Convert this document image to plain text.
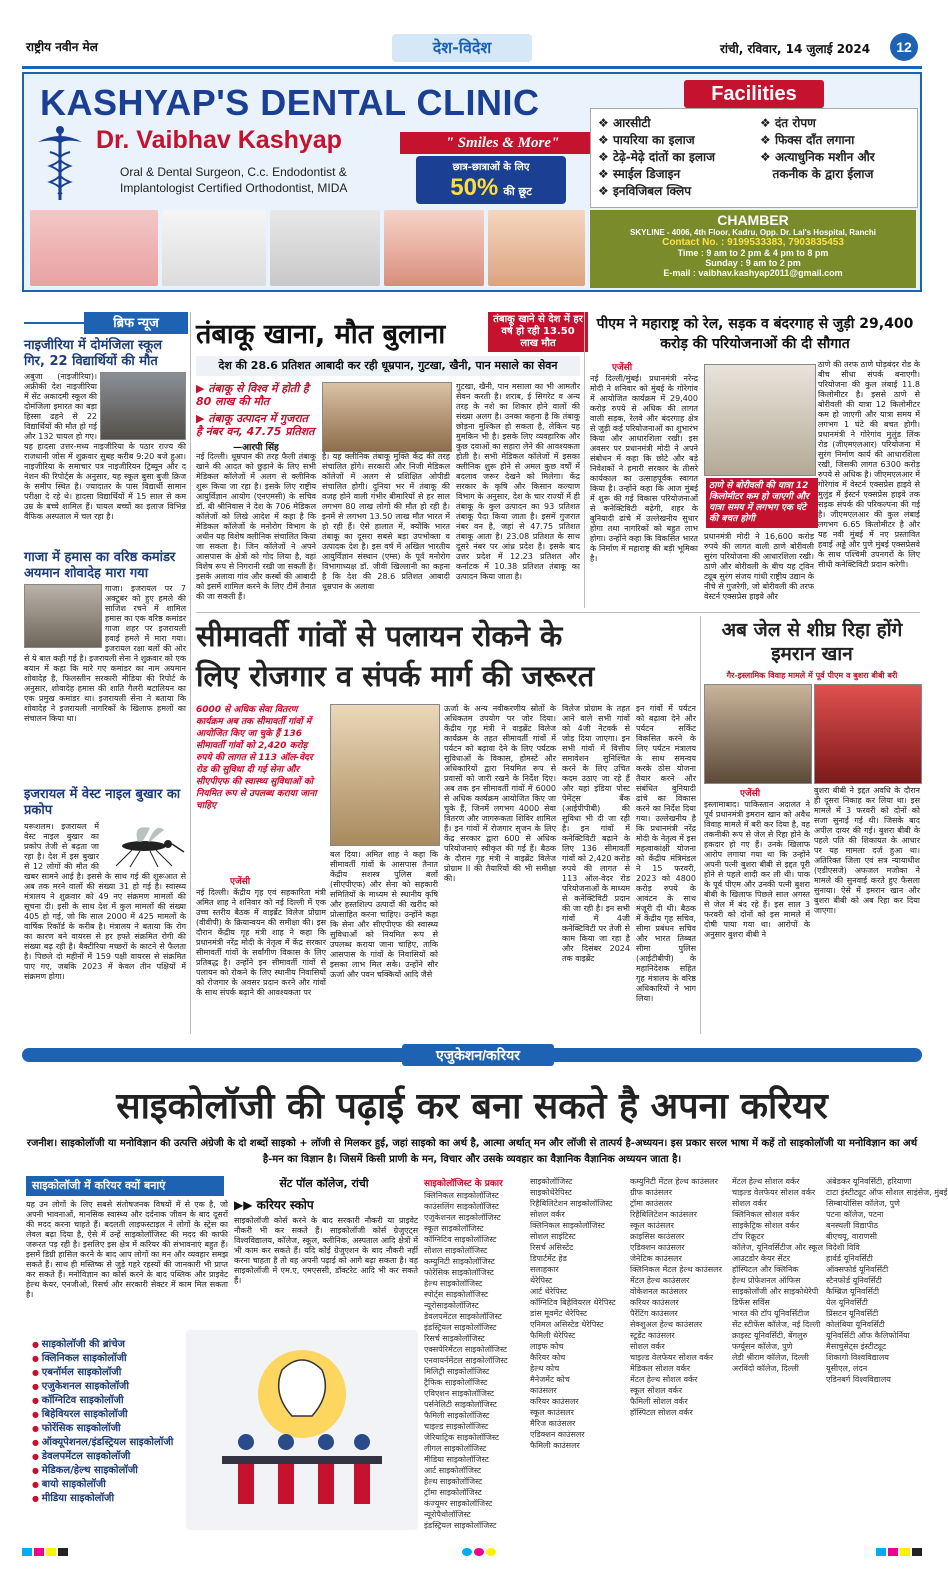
राष्ट्रीय नवीन मेल	देश-विदेश	रांची, रविवार, 14 जुलाई 2024	12
KASHYAP'S DENTAL CLINIC
Dr. Vaibhav Kashyap
Oral & Dental Surgeon, C.c. Endodontist &
Implantologist Certified Orthodontist, MIDA
" Smiles & More"
छात्र-छात्राओं के लिए
50% की छूट
Facilities
❖ आरसीटी
❖ पायरिया का इलाज
❖ टेढ़े-मेढ़े दांतों का इलाज
❖ स्माईल डिजाइन
❖ इनविजिबल क्लिप
❖ दंत रोपण
❖ फिक्स दाँत लगाना
❖ अत्याधुनिक मशीन और
तकनीक के द्वारा ईलाज
CHAMBER
SKYLINE - 4006, 4th Floor, Kadru, Opp. Dr. Lal's Hospital, Ranchi
Contact No. : 9199533383, 7903835453
Time : 9 am to 2 pm & 4 pm to 8 pm
Sunday : 9 am to 2 pm
E-mail : vaibhav.kashyap2011@gmail.com
ब्रिफ न्यूज
नाइजीरिया में दोमंजिला स्कूल गिर, 22 विद्यार्थियों की मौत
अबुजा (नाइजीरिया)। अफ्रीकी देश नाइजीरिया में सेंट अकादमी स्कूल की दोमंजिला इमारत का बड़ा हिस्सा ढहने से 22 विद्यार्थियों की मौत हो गई और 132 घायल हो गए। यह हादसा उत्तर-मध्य नाइजीरिया के पठार राज्य की राजधानी जोस में शुक्रवार सुबह करीब 9:20 बजे हुआ। नाइजीरिया के समाचार पत्र नाइजीरियन ट्रिब्यून और द नेशन की रिपोर्ट्स के अनुसार, यह स्कूल बुसा बुजी क्रिज के समीप स्थित है। ज्यादातर के पास विद्यार्थी सामान परीक्षा दे रहे थे। हादसा विद्यार्थियों में 15 साल से कम उम्र के बच्चे शामिल हैं। घायल बच्चों का इलाज विभिन्न वैफिक अस्पताल में चल रहा है।
गाजा में हमास का वरिष्ठ कमांडर अयमान शोवादेह मारा गया
गाजा। इजरायल पर 7 अक्टूबर को हुए हमले की साजिश रचने में शामिल हमास का एक वरिष्ठ कमांडर गाजा शहर पर इजरायली हवाई हमले में मारा गया। इजरायल रक्षा बलों की ओर से ये बात कही गई है। इजरायली सेना ने शुक्रवार को एक बयान में कहा कि मारे गए कमांडर का नाम अयमान शोवादेह है, फिलस्तीन सरकारी मीडिया की रिपोर्ट के अनुसार, शोवादेह हमास की शाति गैलरी बटालियन का एक प्रमुख कमांडर था। इजरायली सेना ने बताया कि शोवादेह ने इजरायली नागरिकों के खिलाफ हमलों का संचालन किया था।
इजरायल में वेस्ट नाइल बुखार का प्रकोप
यरूशलम। इजरायल में वेस्ट नाइल बुखार का प्रकोप तेजी से बढ़ता जा रहा है। देश में इस बुखार से 12 लोगों की मौत की खबर सामने आई है। इससे के साथ गई की शुरूआत से अब तक मरने वालों की संख्या 31 हो गई है। स्वास्थ्य मंत्रालय ने शुक्रवार को 49 नए संक्रमण मामलों की सूचना दी। इसी के साथ देश में कुल मामलों की संख्या 405 हो गई, जो कि साल 2000 में 425 मामलों के वार्षिक रिकॉर्ड के करीब है। मंत्रालय ने बताया कि रोग का कारण बने वायरस से हर हफ्ते संक्रमित रोगी की संख्या बढ़ रही है। बैक्टीरिया मच्छरों के काटने से फैलता है। पिछले दो महीनों में 159 पक्षी वायरस से संक्रमित पाए गए, जबकि 2023 में केवल तीन पक्षियों में संक्रमण होगा।
तंबाकू खाना, मौत बुलाना	तंबाकू खाने से देश में हर वर्ष हो रही 13.50 लाख मौत
देश की 28.6 प्रतिशत आबादी कर रही धूम्रपान, गुटखा, खैनी, पान मसाले का सेवन
▶ तंबाकू से विश्व में होती है 80 लाख की मौत
▶ तंबाकू उत्पादन में गुजरात है नंबर वन, 47.75 प्रतिशत
—आरपी सिंह
नई दिल्ली। धूम्रपान की तरह फैली तंबाकू खाने की आदत को छुड़ाने के लिए सभी मेडिकल कॉलेजों में अलग से क्लीनिक शुरू किया जा रहा है। इसके लिए राष्ट्रीय आयुर्विज्ञान आयोग (एनएमसी) के सचिव डॉ. बी श्रीनिवास ने देश के 706 मेडिकल कॉलेजों को लिखे आदेश में कहा है कि मेडिकल कॉलेजों के मनोरोग विभाग के अधीन यह विशेष क्लीनिक संचालित किया जा सकता है। जिन कॉलेजों ने अपने आसपास के क्षेत्रों को गोद लिया है, वहां विशेष रूप से निगरानी रखी जा सकती है। इसके अलावा गांव और कस्बों की आबादी को इसमें शामिल करने के लिए टीमें तैनात की जा सकती हैं।
है। यह क्लीनिक तंबाकू मुक्ति केंद्र की तरह संचालित होंगे। सरकारी और निजी मेडिकल कॉलेजों में अलग से प्रशिक्षित ओपीडी संचालित होगी। दुनिया भर में तंबाकू की वजह होने वाली गंभीर बीमारियों से हर साल लगभग 80 लाख लोगों की मौत हो रही है। इनमें से लगभग 13.50 लाख मौत भारत में हो रही हैं। ऐसे हालात में, क्योंकि भारत तंबाकू का दूसरा सबसे बड़ा उपभोक्ता व उत्पादक देश है। इस वर्ष में अखिल भारतीय आयुर्विज्ञान संस्थान (एम्स) के पूर्व मनोरोग विभागाध्यक्ष डॉ. जीवी खिल्लानी का कहना है कि देश की 28.6 प्रतिशत आबादी धूम्रपान के अलावा
गुटखा, खैनी, पान मसाला का भी आमतौर सेवन करती है। शराब, ई सिगरेट व अन्य तरह के नशे का शिकार होने वालों की संख्या अलग है। उनका कहना है कि तंबाकू छोड़ना मुश्किल हो सकता है, लेकिन यह मुमकिन भी है। इसके लिए व्यवहारिक और कुछ दवाओं का सहारा लेने की आवश्यकता होती है। सभी मेडिकल कॉलेजों में इसका क्लीनिक शुरू होने से अमल कुछ वर्षों में बदलाव जरूर देखने को मिलेगा। केंद्र सरकार के कृषि और किसान कल्याण विभाग के अनुसार, देश के चार राज्यों में ही तंबाकू के कुल उत्पादन का 93 प्रतिशत तंबाकू पैदा किया जाता है। इसमें गुजरात नंबर वन है, जहां से 47.75 प्रतिशत तंबाकू आता है। 23.08 प्रतिशत के साथ दूसरे नंबर पर आंध्र प्रदेश है। इसके बाद उत्तर प्रदेश में 12.23 प्रतिशत और कर्नाटक में 10.38 प्रतिशत तंबाकू का उत्पादन किया जाता है।
पीएम ने महाराष्ट्र को रेल, सड़क व बंदरगाह से जुड़ी 29,400 करोड़ की परियोजनाओं की दी सौगात
एजेंसी
नई दिल्ली/मुंबई। प्रधानमंत्री नरेन्द्र मोदी ने शनिवार को मुंबई के गोरेगांव में आयोजित कार्यक्रम में 29,400 करोड़ रुपये से अधिक की लागत वाली सड़क, रेलवे और बंदरगाह क्षेत्र से जुड़ी कई परियोजनाओं का शुभारंभ किया और आधारशिला रखी। इस अवसर पर प्रधानमंत्री मोदी ने अपने संबोधन में कहा कि छोटे और बड़े निवेशकों ने हमारी सरकार के तीसरे कार्यकाल का उत्साहपूर्वक स्वागत किया है। उन्होंने कहा कि आज मुंबई में शुरू की गई विकास परियोजनाओं से कनेक्टिविटी बढ़ेगी, शहर के बुनियादी ढांचे में उल्लेखनीय सुधार होगा तथा नागरिकों को बहुत लाभ होगा। उन्होंने कहा कि विकसित भारत के निर्माण में महाराष्ट्र की बड़ी भूमिका है।
ठाणे से बोरीवली की यात्रा 12 किलोमीटर कम हो जाएगी और यात्रा समय में लगभग एक घंटे की बचत होगी
प्रधानमंत्री मोदी ने 16,600 करोड़ रुपये की लागत वाली ठाणे बोरीवली सुरंग परियोजना की आधारशिला रखी। ठाणे और बोरीवली के बीच यह ट्विन ट्यूब सुरंग संजय गांधी राष्ट्रीय उद्यान के नीचे से गुजरेगी, जो बोरीवली की तरफ वेस्टर्न एक्सप्रेस हाइवे और
ठाणे की तरफ ठाणे घोड़बंदर रोड के बीच सीधा संपर्क बनाएगी। परियोजना की कुल लंबाई 11.8 किलोमीटर है। इससे ठाणे से बोरीवली की यात्रा 12 किलोमीटर कम हो जाएगी और यात्रा समय में लगभग 1 घंटे की बचत होगी। प्रधानमंत्री ने गोरेगांव मुलुंड लिंक रोड (जीएमएलआर) परियोजना में सुरंग निर्माण कार्य की आधारशिला रखी, जिसकी लागत 6300 करोड़ रुपये से अधिक है। जीएमएलआर में गोरेगांव में वेस्टर्न एक्सप्रेस हाइवे से मुलुंड में ईस्टर्न एक्सप्रेस हाइवे तक सड़क संपर्क की परिकल्पना की गई है। जीएमएलआर की कुल लंबाई लगभग 6.65 किलोमीटर है और यह नवी मुंबई में नए प्रस्तावित हवाई अड्डे और पुणे मुंबई एक्सप्रेसवे के साथ पश्चिमी उपनगरों के लिए सीधी कनेक्टिविटी प्रदान करेगी।
सीमावर्ती गांवों से पलायन रोकने के
लिए रोजगार व संपर्क मार्ग की जरूरत
6000 से अधिक सेवा वितरण कार्यक्रम अब तक सीमावर्ती गांवों में आयोजित किए जा चुके हैं 136 सीमावर्ती गांवों को 2,420 करोड़ रुपये की लागत से 113 ऑल-वेदर रोड की सुविधा दी गई सेना और सीएपीएफ की स्वास्थ्य सुविधाओं को नियमित रूप से उपलब्ध कराया जाना चाहिए
एजेंसी
नई दिल्ली। केंद्रीय गृह एवं सहकारिता मंत्री अमित शाह ने शनिवार को नई दिल्ली में एक उच्च स्तरीय बैठक में वाइब्रेंट विलेज प्रोग्राम (वीवीपी) के क्रियान्वयन की समीक्षा की। इस दौरान केंद्रीय गृह मंत्री शाह ने कहा कि प्रधानमंत्री नरेंद्र मोदी के नेतृत्व में केंद्र सरकार सीमावर्ती गांवों के सर्वांगीण विकास के लिए प्रतिबद्ध है। उन्होंने इन सीमावर्ती गांवों से पलायन को रोकने के लिए स्थानीय निवासियों को रोजगार के अवसर प्रदान करने और गांवों के साथ संपर्क बढ़ाने की आवश्यकता पर
बल दिया। अमित शाह ने कहा कि सीमावर्ती गांवों के आसपास तैनात केंद्रीय सशस्त्र पुलिस बलों (सीएपीएफ) और सेना को सहकारी समितियों के माध्यम से स्थानीय कृषि और हस्तशिल्प उत्पादों की खरीद को प्रोत्साहित करना चाहिए। उन्होंने कहा कि सेना और सीएपीएफ की स्वास्थ्य सुविधाओं को नियमित रूप से उपलब्ध कराया जाना चाहिए, ताकि आसपास के गांवों के निवासियों को इसका लाभ मिल सके। उन्होंने सौर ऊर्जा और पवन चक्कियों आदि जैसे
ऊर्जा के अन्य नवीकरणीय स्रोतों के अधिकतम उपयोग पर जोर दिया। केंद्रीय गृह मंत्री ने वाइब्रेंट विलेज कार्यक्रम के तहत सीमावर्ती गांवों में पर्यटन को बढ़ावा देने के लिए पर्यटक सुविधाओं के विकास, होमस्टे और अधिकारियों द्वारा नियमित रूप से प्रवासों को जारी रखने के निर्देश दिए। अब तक इन सीमावर्ती गांवों में 6000 से अधिक कार्यक्रम आयोजित किए जा चुके हैं, जिनमें लगभग 4000 सेवा वितरण और जागरूकता शिविर शामिल हैं। इन गांवों में रोजगार सृजन के लिए केंद्र सरकार द्वारा 600 से अधिक परियोजनाएं स्वीकृत की गई हैं। बैठक के दौरान गृह मंत्री ने वाइब्रेंट विलेज प्रोग्राम II की तैयारियों की भी समीक्षा की।
विलेज प्रोग्राम के तहत आने वाले सभी गांवों को 4जी नेटवर्क से जोड़ दिया जाएगा। इन सभी गांवों में वित्तीय समावेशन सुनिश्चित करने के लिए उचित कदम उठाए जा रहे हैं और यहां इंडिया पोस्ट पेमेंट्स बैंक (आईपीपीबी) की सुविधा भी दी जा रही है। इन गांवों में कनेक्टिविटी बढ़ाने के लिए 136 सीमावर्ती गांवों को 2,420 करोड़ रुपये की लागत से 113 ऑल-वेदर रोड परियोजनाओं के माध्यम से कनेक्टिविटी प्रदान की जा रही है। इन सभी गांवों में 4जी कनेक्टिविटी पर तेजी से काम किया जा रहा है और दिसंबर 2024 तक वाइब्रेंट
इन गांवों में पर्यटन को बढ़ावा देने और पर्यटन सर्किट विकसित करने के लिए पर्यटन मंत्रालय के साथ समन्वय करके ठोस योजना तैयार करने और संबंधित बुनियादी ढांचे का विकास करने का निर्देश दिया गया। उल्लेखनीय है कि प्रधानमंत्री नरेंद्र मोदी के नेतृत्व में इस महत्वाकांक्षी योजना को केंद्रीय मंत्रिमंडल ने 15 फरवरी, 2023 को 4800 करोड़ रुपये के आवंटन के साथ मंजूरी दी थी। बैठक में केंद्रीय गृह सचिव, सीमा प्रबंधन सचिव और भारत तिब्बत सीमा पुलिस (आईटीबीपी) के महानिदेशक सहित गृह मंत्रालय के वरिष्ठ अधिकारियों ने भाग लिया।
अब जेल से शीघ्र रिहा होंगे इमरान खान
गैर-इस्लामिक विवाह मामले में पूर्व पीएम व बुशरा बीबी बरी
एजेंसी
इस्लामाबाद। पाकिस्तान अदालत ने पूर्व प्रधानमंत्री इमरान खान को अवैध विवाह मामले में बरी कर दिया है, वह तकनीकी रूप से जेल से रिहा होने के हकदार हो गए हैं। उनके खिलाफ आरोप लगाया गया था कि उन्होंने अपनी पत्नी बुशरा बीबी से इद्दत पूरी होने से पहले शादी कर ली थी। पाक के पूर्व पीएम और उनकी पत्नी बुशरा बीबी के खिलाफ पिछले साल अगस्त से जेल में बंद रहे हैं। इस साल 3 फरवरी को दोनों को इस मामले में दोषी पाया गया था। आरोपों के अनुसार बुशरा बीबी ने
बुशरा बीबी ने इद्दत अवधि के दौरान ही दूसरा निकाह कर लिया था। इस मामले में 3 फरवरी को दोनों को सजा सुनाई गई थी। जिसके बाद अपील दायर की गई। बुशरा बीबी के पहले पति की शिकायत के आधार पर यह मामला दर्ज हुआ था। अतिरिक्त जिला एवं सत्र न्यायाधीश (एडीएसजे) अफजल मजोका ने मामले की सुनवाई करते हुए फैसला सुनाया। ऐसे में इमरान खान और बुशरा बीबी को अब रिहा कर दिया जाएगा।
एजुकेशन/करियर
साइकोलॉजी की पढ़ाई कर बना सकते है अपना करियर
रजनीश। साइकोलॉजी या मनोविज्ञान की उत्पत्ति अंग्रेजी के दो शब्दों साइको + लॉजी से मिलकर हुई, जहां साइको का अर्थ है, आत्मा अर्थात् मन और लॉजी से तात्पर्य है-अध्ययन। इस प्रकार सरल भाषा में कहें तो साइकोलॉजी या मनोविज्ञान का अर्थ है-मन का विज्ञान है। जिसमें किसी प्राणी के मन, विचार और उसके व्यवहार का वैज्ञानिक वैज्ञानिक अध्ययन जाता है।
साइकोलॉजी में करियर क्यों बनाएं
यह उन लोगों के लिए सबसे संतोषजनक विषयों में से एक है, जो अपनी भावनाओं, मानसिक स्वास्थ्य और दर्दनाक जीवन के बाद दूसरों की मदद करना चाहते हैं। बदलती लाइफस्टाइल ने लोगों के स्ट्रेस का लेवल बढ़ा दिया है, ऐसे में उन्हें साइकोलॉजिस्ट की मदद की काफी जरूरत पड़ रही है। इसलिए इस क्षेत्र में करियर की संभावनाएं बहुत हैं। इसमें डिग्री हासिल करने के बाद आप लोगों का मन और व्यवहार समझ सकते हैं। साथ ही मस्तिष्क से जुड़े गहरे रहस्यों की जानकारी भी प्राप्त कर सकते हैं। मनोविज्ञान का कोर्स करने के बाद पब्लिक और प्राइवेट हेल्थ केयर, एनजीओ, रिसर्च और सरकारी सेक्टर में काम मिल सकता है।
● साइकोलॉजी की ब्रांचेज
● क्लिनिकल साइकोलॉजी
● एबनॉर्मल साइकोलॉजी
● एजुकेशनल साइकोलॉजी
● कॉग्निटिव साइकोलॉजी
● बिहेवियरल साइकोलॉजी
● फोरेंसिक साइकोलॉजी
● ऑक्यूपेशनल/इंडस्ट्रियल साइकोलॉजी
● डेवलपमेंटल साइकोलॉजी
● मेडिकल/हेल्थ साइकोलॉजी
● बायो साइकोलॉजी
● मीडिया साइकोलॉजी
सेंट पॉल कॉलेज, रांची
▶▶ करियर स्कोप
साइकोलॉजी कोर्स करने के बाद सरकारी नौकरी या प्राइवेट नौकरी भी कर सकते हैं। साइकोलॉजी कोर्स ग्रेजुएट्स विश्वविद्यालय, कॉलेज, स्कूल, क्लीनिक, अस्पताल आदि क्षेत्रों में भी काम कर सकते हैं। यदि कोई ग्रेजुएशन के बाद नौकरी नहीं करना चाहता है तो वह अपनी पढ़ाई को आगे बढ़ा सकता है। वह साइकोलॉजी में एम.ए, एमएससी, डॉक्टरेट आदि भी कर सकते हैं।
साइकोलॉजिस्ट के प्रकार
क्लिनिकल साइकोलॉजिस्ट
काउंसलिंग साइकोलॉजिस्ट
एजुकेशनल साइकोलॉजिस्ट
स्कूल साइकोलॉजिस्ट
कॉग्निटिव साइकोलॉजिस्ट
सोशल साइकोलॉजिस्ट
कम्युनिटी साइकोलॉजिस्ट
फोरेंसिक साइकोलॉजिस्ट
हेल्थ साइकोलॉजिस्ट
स्पोर्ट्स साइकोलॉजिस्ट
न्यूरोसाइकोलॉजिस्ट
डेवलपमेंटल साइकोलॉजिस्ट
इंडस्ट्रियल साइकोलॉजिस्ट
रिसर्च साइकोलॉजिस्ट
एक्सपेरिमेंटल साइकोलॉजिस्ट
एनवायर्नमेंटल साइकोलॉजिस्ट
मिलिट्री साइकोलॉजिस्ट
ट्रैफिक साइकोलॉजिस्ट
एविएशन साइकोलॉजिस्ट
पर्सनेलिटी साइकोलॉजिस्ट
फैमिली साइकोलॉजिस्ट
चाइल्ड साइकोलॉजिस्ट
जेरियाट्रिक साइकोलॉजिस्ट
लीगल साइकोलॉजिस्ट
मीडिया साइकोलॉजिस्ट
आर्ट साइकोलॉजिस्ट
हेल्थ साइकोलॉजिस्ट
ट्रॉमा साइकोलॉजिस्ट
कंज्यूमर साइकोलॉजिस्ट
न्यूरोपैथोलॉजिस्ट
इंडस्ट्रियल साइकोलॉजिस्ट
साइकोलॉजिस्ट
साइकोथेरेपिस्ट
रिहैबिलिटेशन साइकोलॉजिस्ट
सोशल वर्कर
क्लिनिकल साइकोलॉजिस्ट
सोशल साइंटिस्ट
रिसर्च असिस्टेंट
डिपार्टमेंट हेड
सलाहकार
थेरेपिस्ट
आर्ट थेरेपिस्ट
कॉग्निटिव बिहेवियरल थेरेपिस्ट
डांस मूवमेंट थेरेपिस्ट
एनिमल असिस्टेड थेरेपिस्ट
फैमिली थेरेपिस्ट
लाइफ कोच
कैरियर कोच
हेल्थ कोच
मैनेजमेंट कोच
काउंसलर
करियर काउंसलर
स्कूल काउंसलर
मैरिज काउंसलर
एडिक्शन काउंसलर
फैमिली काउंसलर
कम्युनिटी मेंटल हेल्थ काउंसलर
ग्रीफ काउंसलर
ट्रॉमा काउंसलर
रिहैबिलिटेशन काउंसलर
स्कूल काउंसलर
क्राइसिस काउंसलर
एडिक्शन काउंसलर
जेनेटिक काउंसलर
क्लिनिकल मेंटल हेल्थ काउंसलर
मेंटल हेल्थ काउंसलर
वोकेशनल काउंसलर
करियर काउंसलर
पैरेंटिंग काउंसलर
सेक्शुअल हेल्थ काउंसलर
स्टूडेंट काउंसलर
सोशल वर्कर
चाइल्ड वेलफेयर सोशल वर्कर
मेडिकल सोशल वर्कर
मेंटल हेल्थ सोशल वर्कर
स्कूल सोशल वर्कर
फैमिली सोशल वर्कर
हॉस्पिटल सोशल वर्कर
मेंटल हेल्थ सोशल वर्कर
चाइल्ड वेलफेयर सोशल वर्कर
सोशल वर्कर
क्लिनिकल सोशल वर्कर
साइकेट्रिक सोशल वर्कर
टॉप रिक्रूटर
कॉलेज, यूनिवर्सिटीज और स्कूल
आउटडोर केयर सेंटर
हॉस्पिटल और क्लिनिक
हेल्थ प्रोफेशनल ऑफिस
साइकोलॉजी और साइकोथेरेपी
डिफेंस सर्विस
भारत की टॉप यूनिवर्सिटीज
सेंट स्टीफेंस कॉलेज, नई दिल्ली
क्राइस्ट यूनिवर्सिटी, बेंगलुरु
फर्ग्यूसन कॉलेज, पुणे
लेडी श्रीराम कॉलेज, दिल्ली
अरविंदो कॉलेज, दिल्ली
अंबेडकर यूनिवर्सिटी, हरियाणा
टाटा इंस्टीट्यूट ऑफ सोशल साइंसेज, मुंबई
सिम्बायोसिस कॉलेज, पुणे
पटना कॉलेज, पटना
बनस्थली विद्यापीठ
बीएचयू, वाराणसी
विदेशी विवि
हार्वर्ड यूनिवर्सिटी
ऑक्सफोर्ड यूनिवर्सिटी
स्टैनफोर्ड यूनिवर्सिटी
कैम्ब्रिज यूनिवर्सिटी
येल यूनिवर्सिटी
प्रिंसटन यूनिवर्सिटी
कोलंबिया यूनिवर्सिटी
यूनिवर्सिटी ऑफ कैलिफोर्निया
मैसाचुसेट्स इंस्टीट्यूट
शिकागो विश्वविद्यालय
यूसीएल, लंदन
एडिनबर्ग विश्वविद्यालय
